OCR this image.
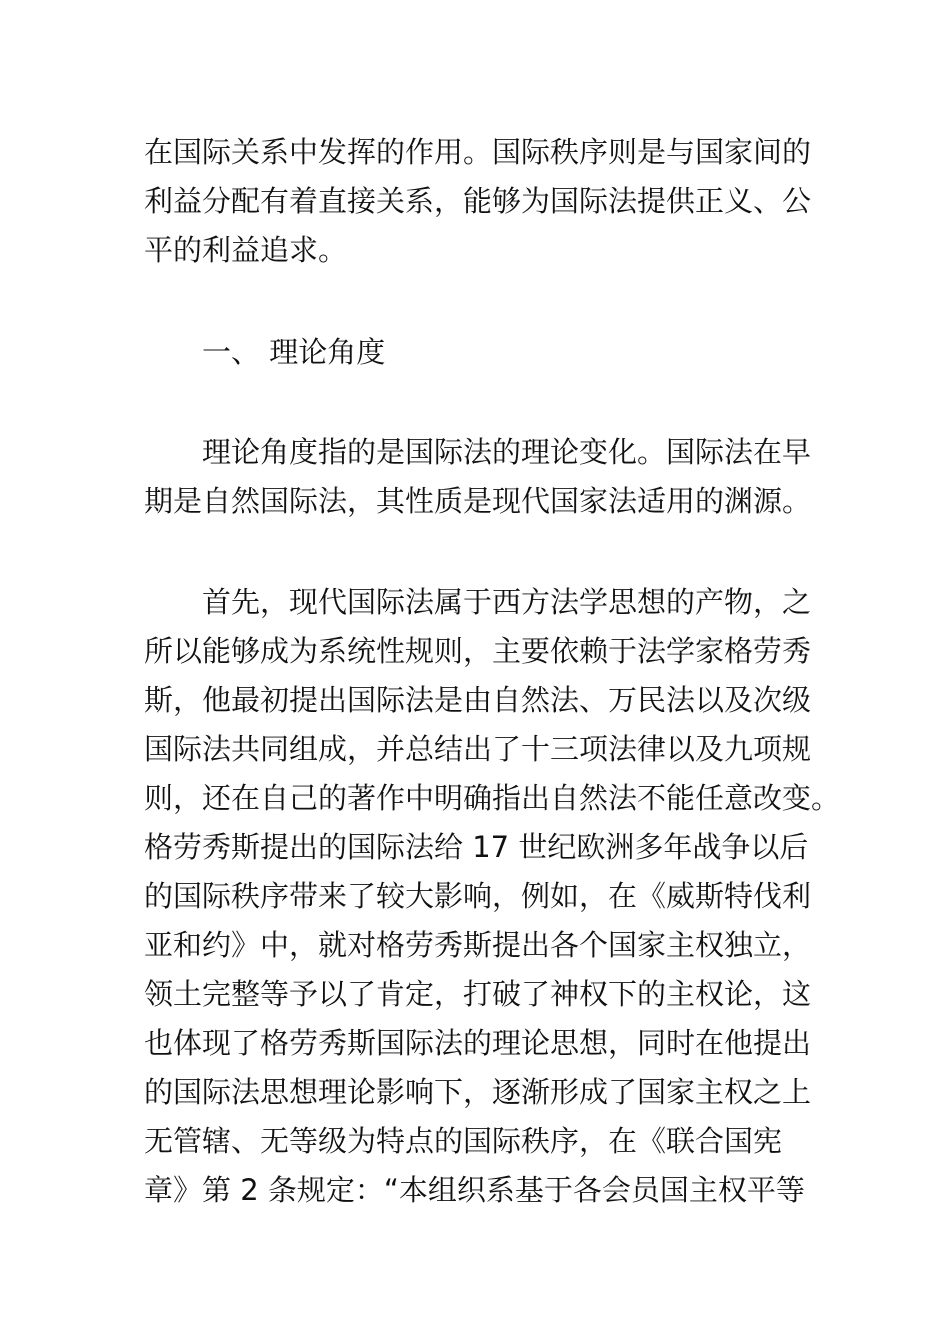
在国际关系中发挥的作用。国际秩序则是与国家间的
利益分配有着直接关系，能够为国际法提供正义、公
平的利益追求。
一、 理论角度
　　理论角度指的是国际法的理论变化。国际法在早
期是自然国际法，其性质是现代国家法适用的渊源。
　　首先，现代国际法属于西方法学思想的产物，之
所以能够成为系统性规则，主要依赖于法学家格劳秀
斯，他最初提出国际法是由自然法、万民法以及次级
国际法共同组成，并总结出了十三项法律以及九项规
则，还在自己的著作中明确指出自然法不能任意改变。
格劳秀斯提出的国际法给 17 世纪欧洲多年战争以后
的国际秩序带来了较大影响，例如，在《威斯特伐利
亚和约》中，就对格劳秀斯提出各个国家主权独立，
领土完整等予以了肯定，打破了神权下的主权论，这
也体现了格劳秀斯国际法的理论思想，同时在他提出
的国际法思想理论影响下，逐渐形成了国家主权之上
无管辖、无等级为特点的国际秩序，在《联合国宪
章》第 2 条规定：“本组织系基于各会员国主权平等
